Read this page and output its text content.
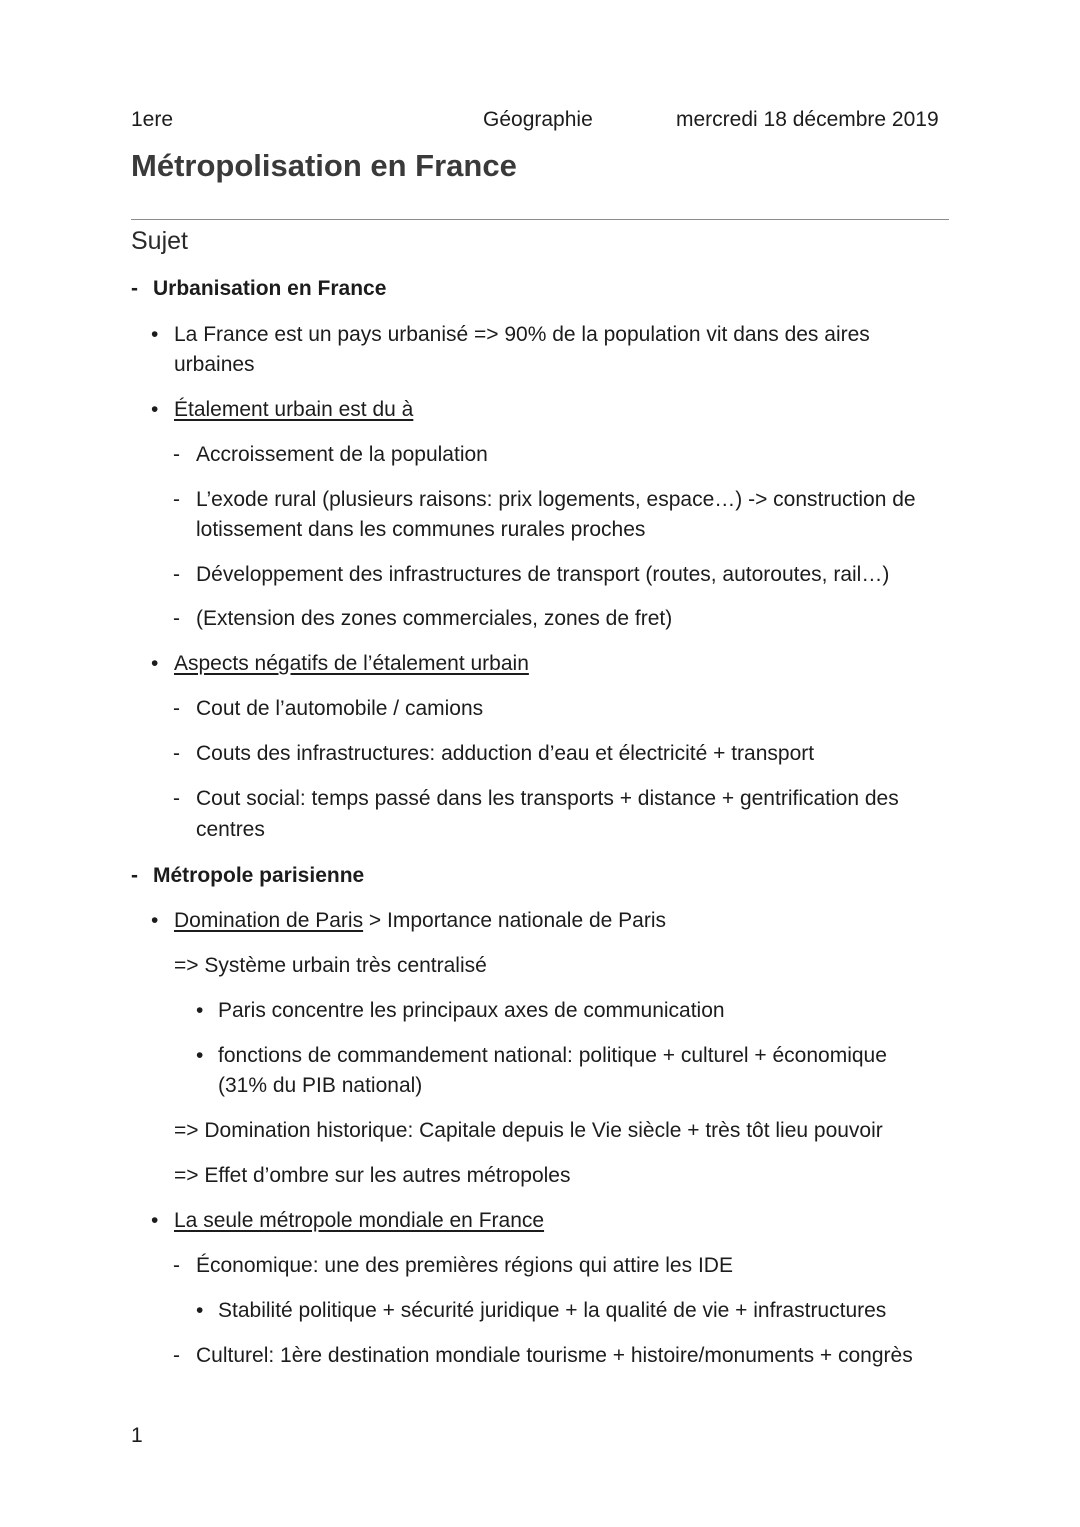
1ere	Géographie	mercredi 18 décembre 2019
Métropolisation en France
Sujet
- Urbanisation en France
• La France est un pays urbanisé => 90% de la population vit dans des aires
urbaines
• Étalement urbain est du à
- Accroissement de la population
- L’exode rural (plusieurs raisons: prix logements, espace…) -> construction de
lotissement dans les communes rurales proches
- Développement des infrastructures de transport (routes, autoroutes, rail…)
- (Extension des zones commerciales, zones de fret)
• Aspects négatifs de l’étalement urbain
- Cout de l’automobile / camions
- Couts des infrastructures: adduction d’eau et électricité + transport
- Cout social: temps passé dans les transports + distance + gentrification des
centres
- Métropole parisienne
• Domination de Paris > Importance nationale de Paris
=> Système urbain très centralisé
• Paris concentre les principaux axes de communication
• fonctions de commandement national: politique + culturel + économique
(31% du PIB national)
=> Domination historique: Capitale depuis le Vie siècle + très tôt lieu pouvoir
=> Effet d’ombre sur les autres métropoles
• La seule métropole mondiale en France
- Économique: une des premières régions qui attire les IDE
• Stabilité politique + sécurité juridique + la qualité de vie + infrastructures
- Culturel: 1ère destination mondiale tourisme + histoire/monuments + congrès
1
